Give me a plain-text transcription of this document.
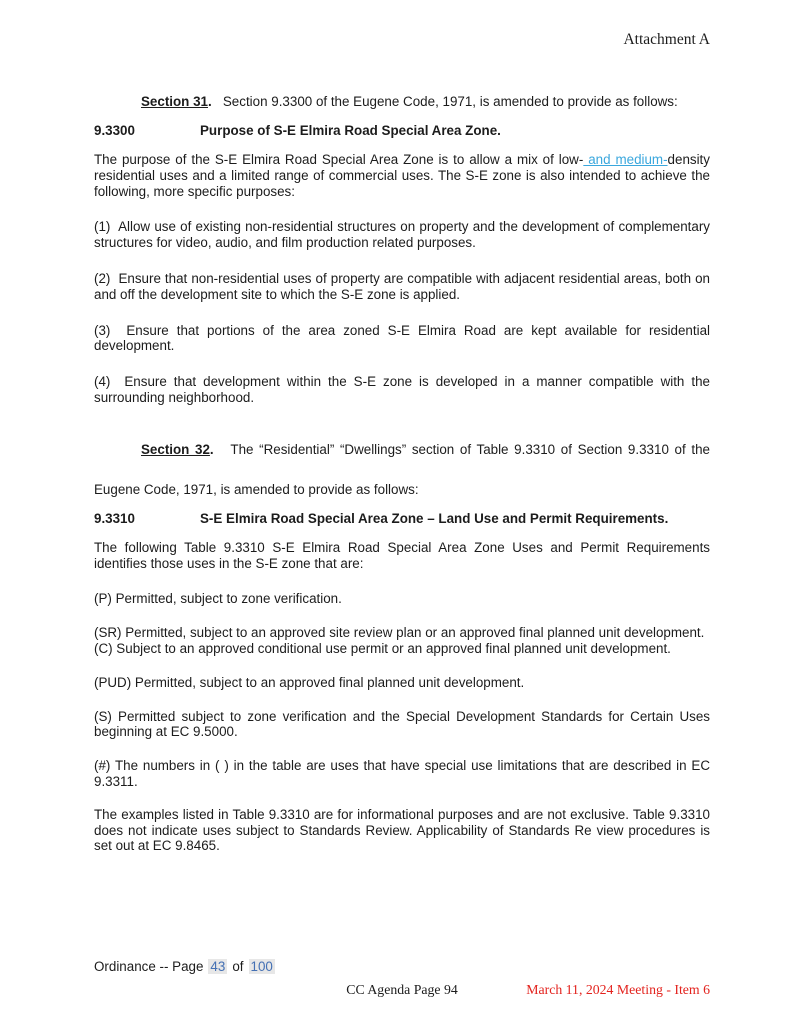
Attachment A

Section 31.   Section 9.3300 of the Eugene Code, 1971, is amended to provide as follows:

9.3300	Purpose of S-E Elmira Road Special Area Zone.

The purpose of the S-E Elmira Road Special Area Zone is to allow a mix of low- and medium-density residential uses and a limited range of commercial uses. The S-E zone is also intended to achieve the following, more specific purposes:

(1)  Allow use of existing non-residential structures on property and the development of complementary structures for video, audio, and film production related purposes.

(2)  Ensure that non-residential uses of property are compatible with adjacent residential areas, both on and off the development site to which the S-E zone is applied.

(3)  Ensure that portions of the area zoned S-E Elmira Road are kept available for residential development.

(4)  Ensure that development within the S-E zone is developed in a manner compatible with the surrounding neighborhood.

Section 32.   The “Residential” “Dwellings” section of Table 9.3310 of Section 9.3310 of the Eugene Code, 1971, is amended to provide as follows:

9.3310	S-E Elmira Road Special Area Zone – Land Use and Permit Requirements.

The following Table 9.3310 S-E Elmira Road Special Area Zone Uses and Permit Requirements identifies those uses in the S-E zone that are:

(P) Permitted, subject to zone verification.

(SR) Permitted, subject to an approved site review plan or an approved final planned unit development.

(C) Subject to an approved conditional use permit or an approved final planned unit development.

(PUD) Permitted, subject to an approved final planned unit development.

(S) Permitted subject to zone verification and the Special Development Standards for Certain Uses beginning at EC 9.5000.

(#) The numbers in ( ) in the table are uses that have special use limitations that are described in EC 9.3311.

The examples listed in Table 9.3310 are for informational purposes and are not exclusive. Table 9.3310 does not indicate uses subject to Standards Review. Applicability of Standards Re view procedures is set out at EC 9.8465.

Ordinance -- Page 43 of 100

CC Agenda Page 94	March 11, 2024 Meeting - Item 6
